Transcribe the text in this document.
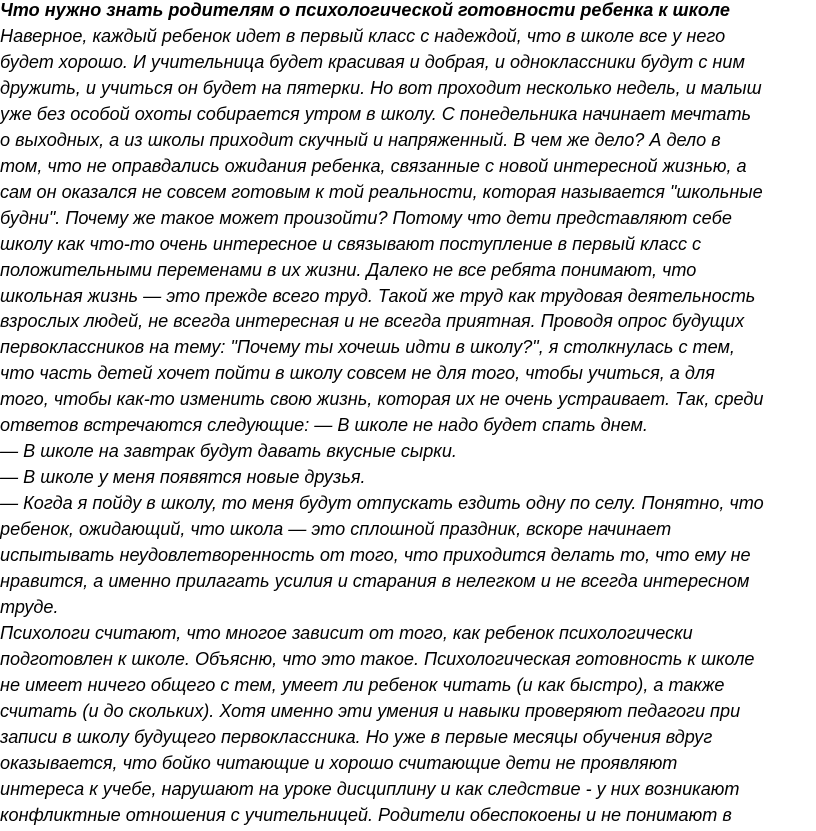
Что нужно знать родителям о психологической готовности ребенка к школе
Наверное, каждый ребенок идет в первый класс с надеждой, что в школе все у него
будет хорошо. И учительница будет красивая и добрая, и одноклассники будут с ним
дружить, и учиться он будет на пятерки. Но вот проходит несколько недель, и малыш
уже без особой охоты собирается утром в школу. С понедельника начинает мечтать
о выходных, а из школы приходит скучный и напряженный. В чем же дело? А дело в
том, что не оправдались ожидания ребенка, связанные с новой интересной жизнью, а
сам он оказался не совсем готовым к той реальности, которая называется "школьные
будни". Почему же такое может произойти? Потому что дети представляют себе
школу как что-то очень интересное и связывают поступление в первый класс с
положительными переменами в их жизни. Далеко не все ребята понимают, что
школьная жизнь — это прежде всего труд. Такой же труд как трудовая деятельность
взрослых людей, не всегда интересная и не всегда приятная. Проводя опрос будущих
первоклассников на тему: "Почему ты хочешь идти в школу?", я столкнулась с тем,
что часть детей хочет пойти в школу совсем не для того, чтобы учиться, а для
того, чтобы как-то изменить свою жизнь, которая их не очень устраивает. Так, среди
ответов встречаются следующие: — В школе не надо будет спать днем.
— В школе на завтрак будут давать вкусные сырки.
— В школе у меня появятся новые друзья.
— Когда я пойду в школу, то меня будут отпускать ездить одну по селу. Понятно, что
ребенок, ожидающий, что школа — это сплошной праздник, вскоре начинает
испытывать неудовлетворенность от того, что приходится делать то, что ему не
нравится, а именно прилагать усилия и старания в нелегком и не всегда интересном
труде.
Психологи считают, что многое зависит от того, как ребенок психологически
подготовлен к школе. Объясню, что это такое. Психологическая готовность к школе
не имеет ничего общего с тем, умеет ли ребенок читать (и как быстро), а также
считать (и до скольких). Хотя именно эти умения и навыки проверяют педагоги при
записи в школу будущего первоклассника. Но уже в первые месяцы обучения вдруг
оказывается, что бойко читающие и хорошо считающие дети не проявляют
интереса к учебе, нарушают на уроке дисциплину и как следствие - у них возникают
конфликтные отношения с учительницей. Родители обеспокоены и не понимают в
